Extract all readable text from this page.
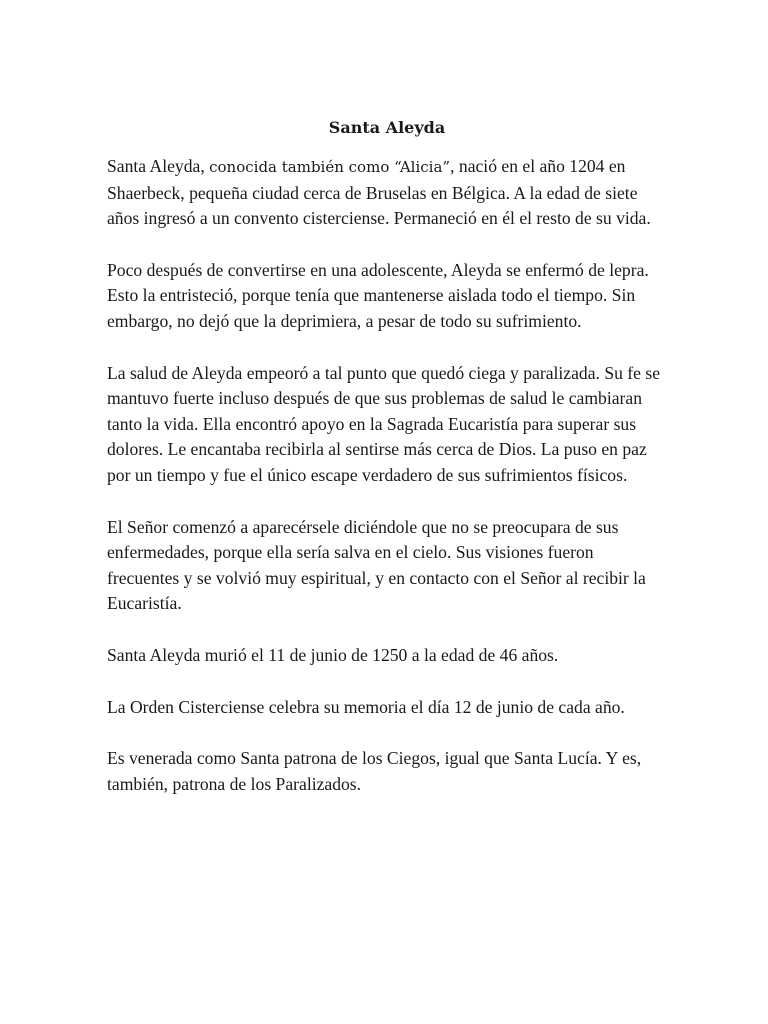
Santa Aleyda

Santa Aleyda, conocida también como “Alicia”, nació en el año 1204 en Shaerbeck, pequeña ciudad cerca de Bruselas en Bélgica. A la edad de siete años ingresó a un convento cisterciense. Permaneció en él el resto de su vida.

Poco después de convertirse en una adolescente, Aleyda se enfermó de lepra. Esto la entristeció, porque tenía que mantenerse aislada todo el tiempo. Sin embargo, no dejó que la deprimiera, a pesar de todo su sufrimiento.

La salud de Aleyda empeoró a tal punto que quedó ciega y paralizada. Su fe se mantuvo fuerte incluso después de que sus problemas de salud le cambiaran tanto la vida. Ella encontró apoyo en la Sagrada Eucaristía para superar sus dolores. Le encantaba recibirla al sentirse más cerca de Dios. La puso en paz por un tiempo y fue el único escape verdadero de sus sufrimientos físicos.

El Señor comenzó a aparecérsele diciéndole que no se preocupara de sus enfermedades, porque ella sería salva en el cielo. Sus visiones fueron frecuentes y se volvió muy espiritual, y en contacto con el Señor al recibir la Eucaristía.

Santa Aleyda murió el 11 de junio de 1250 a la edad de 46 años.

La Orden Cisterciense celebra su memoria el día 12 de junio de cada año.

Es venerada como Santa patrona de los Ciegos, igual que Santa Lucía. Y es, también, patrona de los Paralizados.
